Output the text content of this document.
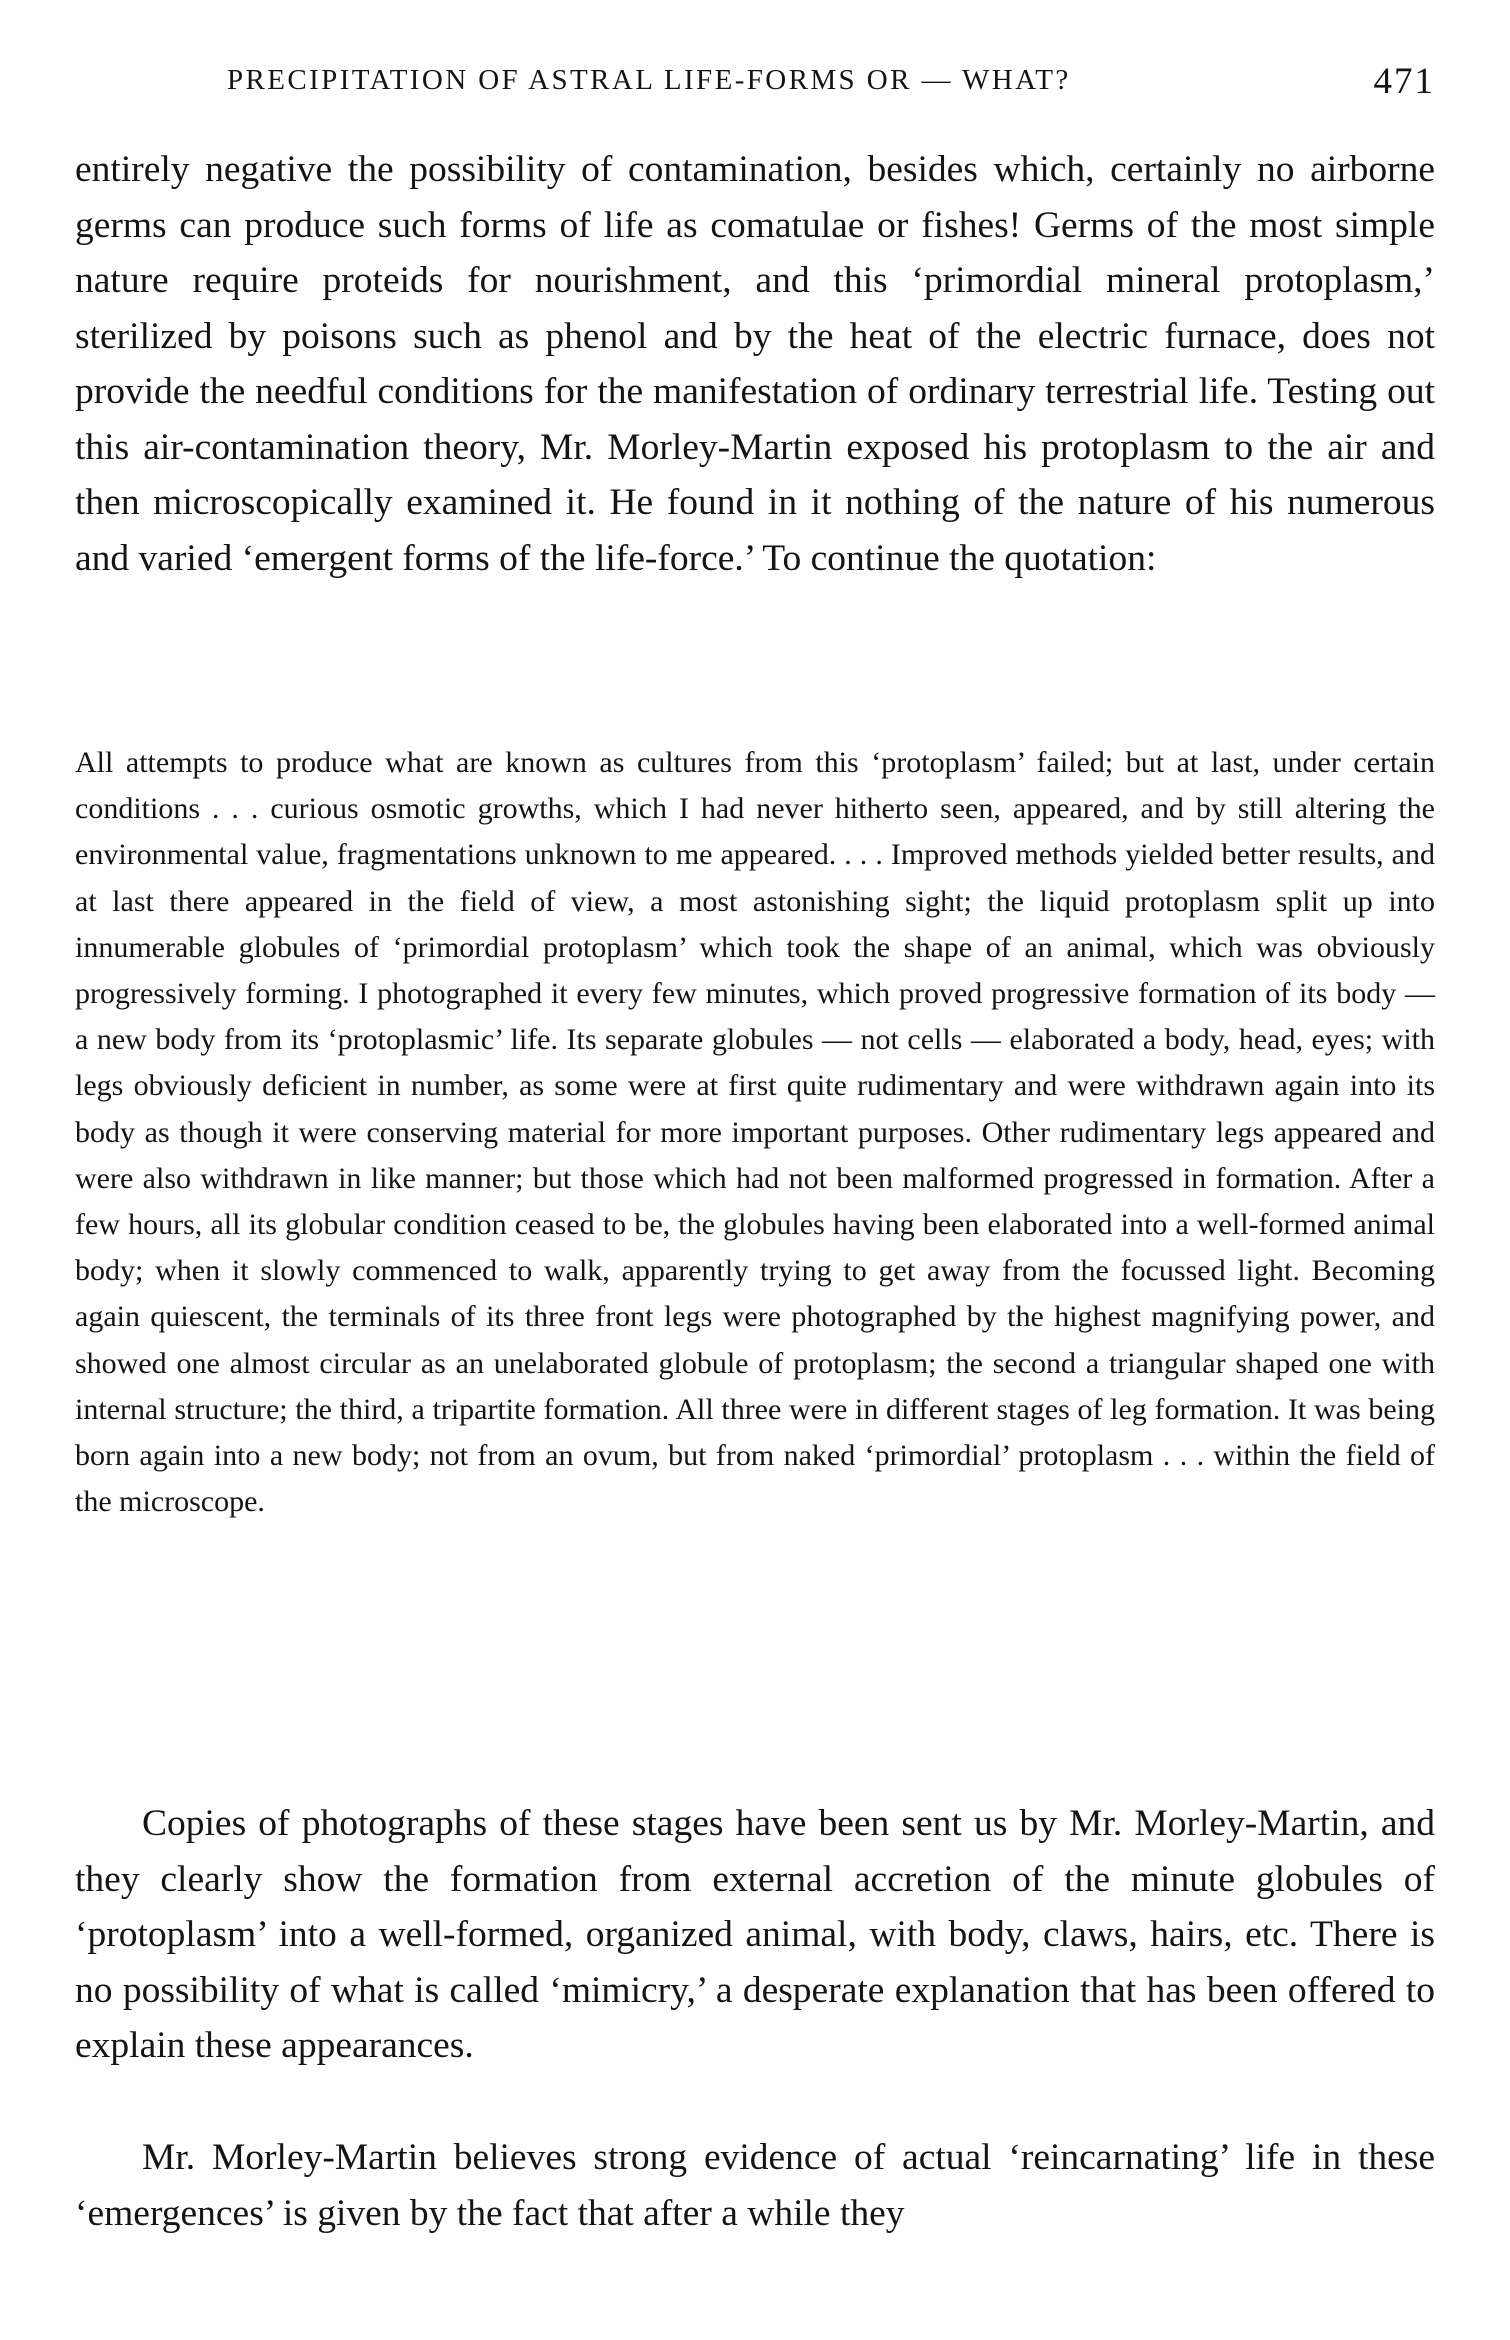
PRECIPITATION OF ASTRAL LIFE-FORMS OR — WHAT?	471

entirely negative the possibility of contamination, besides which, certainly no airborne germs can produce such forms of life as comatulae or fishes! Germs of the most simple nature require proteids for nourishment, and this ‘primordial mineral protoplasm,’ sterilized by poisons such as phenol and by the heat of the electric furnace, does not provide the needful conditions for the manifestation of ordinary terrestrial life. Testing out this air-contamination theory, Mr. Morley-Martin exposed his protoplasm to the air and then microscopically examined it. He found in it nothing of the nature of his numerous and varied ‘emergent forms of the life-force.’ To continue the quotation:

All attempts to produce what are known as cultures from this ‘protoplasm’ failed; but at last, under certain conditions . . . curious osmotic growths, which I had never hitherto seen, appeared, and by still altering the environmental value, fragmentations unknown to me appeared. . . . Improved methods yielded better results, and at last there appeared in the field of view, a most astonishing sight; the liquid protoplasm split up into innumerable globules of ‘primordial protoplasm’ which took the shape of an animal, which was obviously progressively forming. I photographed it every few minutes, which proved progressive formation of its body — a new body from its ‘protoplasmic’ life. Its separate globules — not cells — elaborated a body, head, eyes; with legs obviously deficient in number, as some were at first quite rudimentary and were withdrawn again into its body as though it were conserving material for more important purposes. Other rudimentary legs appeared and were also withdrawn in like manner; but those which had not been malformed progressed in formation. After a few hours, all its globular condition ceased to be, the globules having been elaborated into a well-formed animal body; when it slowly commenced to walk, apparently trying to get away from the focussed light. Becoming again quiescent, the terminals of its three front legs were photographed by the highest magnifying power, and showed one almost circular as an unelaborated globule of protoplasm; the second a triangular shaped one with internal structure; the third, a tripartite formation. All three were in different stages of leg formation. It was being born again into a new body; not from an ovum, but from naked ‘primordial’ protoplasm . . . within the field of the microscope.

Copies of photographs of these stages have been sent us by Mr. Morley-Martin, and they clearly show the formation from external accretion of the minute globules of ‘protoplasm’ into a well-formed, organized animal, with body, claws, hairs, etc. There is no possibility of what is called ‘mimicry,’ a desperate explanation that has been offered to explain these appearances.

Mr. Morley-Martin believes strong evidence of actual ‘reincarnating’ life in these ‘emergences’ is given by the fact that after a while they
